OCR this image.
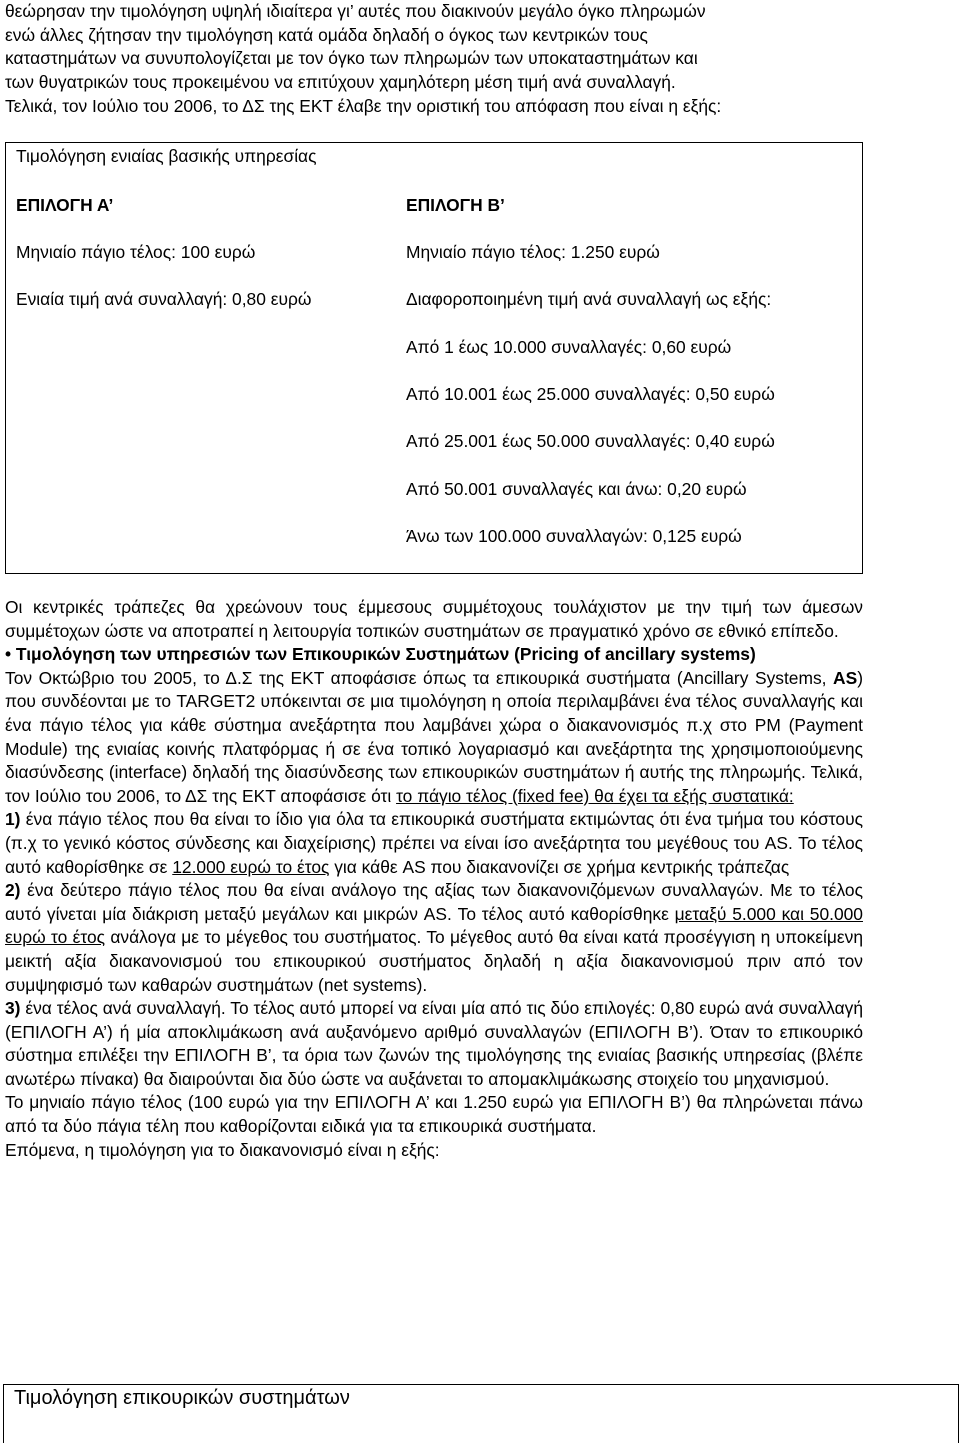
θεώρησαν την τιμολόγηση υψηλή ιδιαίτερα γι’ αυτές που διακινούν μεγάλο όγκο πληρωμών

ενώ άλλες ζήτησαν την τιμολόγηση κατά ομάδα δηλαδή ο όγκος των κεντρικών τους

καταστημάτων να συνυπολογίζεται με τον όγκο των πληρωμών των υποκαταστημάτων και

των θυγατρικών τους προκειμένου να επιτύχουν χαμηλότερη μέση τιμή ανά συναλλαγή.

Τελικά, τον Ιούλιο του 2006, το ΔΣ της ΕΚΤ έλαβε την οριστική του απόφαση που είναι η εξής:
Τιμολόγηση ενιαίας βασικής υπηρεσίας
ΕΠΙΛΟΓΗ Α’
Μηνιαίο πάγιο τέλος: 100 ευρώ
Ενιαία τιμή ανά συναλλαγή: 0,80 ευρώ
ΕΠΙΛΟΓΗ Β’
Μηνιαίο πάγιο τέλος: 1.250 ευρώ
Διαφοροποιημένη τιμή ανά συναλλαγή ως εξής:
Από 1 έως 10.000 συναλλαγές: 0,60 ευρώ
Από 10.001 έως 25.000 συναλλαγές: 0,50 ευρώ
Από 25.001 έως 50.000 συναλλαγές: 0,40 ευρώ
Από 50.001 συναλλαγές και άνω: 0,20 ευρώ
Άνω των 100.000 συναλλαγών: 0,125 ευρώ

Οι κεντρικές τράπεζες θα χρεώνουν τους έμμεσους συμμέτοχους τουλάχιστον με την τιμή των άμεσων συμμέτοχων ώστε να αποτραπεί η λειτουργία τοπικών συστημάτων σε πραγματικό χρόνο σε εθνικό επίπεδο.

• Τιμολόγηση των υπηρεσιών των Επικουρικών Συστημάτων (Pricing of ancillary systems)

Τον Οκτώβριο του 2005, το Δ.Σ της ΕΚΤ αποφάσισε όπως τα επικουρικά συστήματα (Ancillary Systems, AS) που συνδέονται με το TARGET2 υπόκεινται σε μια τιμολόγηση η οποία περιλαμβάνει ένα τέλος συναλλαγής και ένα πάγιο τέλος για κάθε σύστημα ανεξάρτητα που λαμβάνει χώρα ο διακανονισμός π.χ στο PM (Payment Module) της ενιαίας κοινής πλατφόρμας ή σε ένα τοπικό λογαριασμό και ανεξάρτητα της χρησιμοποιούμενης διασύνδεσης (interface) δηλαδή της διασύνδεσης των επικουρικών συστημάτων ή αυτής της πληρωμής. Τελικά, τον Ιούλιο του 2006, το ΔΣ της ΕΚΤ αποφάσισε ότι το πάγιο τέλος (fixed fee) θα έχει τα εξής συστατικά:

1) ένα πάγιο τέλος που θα είναι το ίδιο για όλα τα επικουρικά συστήματα εκτιμώντας ότι ένα τμήμα του κόστους (π.χ το γενικό κόστος σύνδεσης και διαχείρισης) πρέπει να είναι ίσο ανεξάρτητα του μεγέθους του AS. Το τέλος αυτό καθορίσθηκε σε 12.000 ευρώ το έτος για κάθε AS που διακανονίζει σε χρήμα κεντρικής τράπεζας

2) ένα δεύτερο πάγιο τέλος που θα είναι ανάλογο της αξίας των διακανονιζόμενων συναλλαγών. Με το τέλος αυτό γίνεται μία διάκριση μεταξύ μεγάλων και μικρών AS. Το τέλος αυτό καθορίσθηκε μεταξύ 5.000 και 50.000 ευρώ το έτος ανάλογα με το μέγεθος του συστήματος. Το μέγεθος αυτό θα είναι κατά προσέγγιση η υποκείμενη μεικτή αξία διακανονισμού του επικουρικού συστήματος δηλαδή η αξία διακανονισμού πριν από τον συμψηφισμό των καθαρών συστημάτων (net systems).

3) ένα τέλος ανά συναλλαγή. Το τέλος αυτό μπορεί να είναι μία από τις δύο επιλογές: 0,80 ευρώ ανά συναλλαγή (ΕΠΙΛΟΓΗ Α’) ή μία αποκλιμάκωση ανά αυξανόμενο αριθμό συναλλαγών (ΕΠΙΛΟΓΗ Β’). Όταν το επικουρικό σύστημα επιλέξει την ΕΠΙΛΟΓΗ Β’, τα όρια των ζωνών της τιμολόγησης της ενιαίας βασικής υπηρεσίας (βλέπε ανωτέρω πίνακα) θα διαιρούνται δια δύο ώστε να αυξάνεται το απομακλιμάκωσης στοιχείο του μηχανισμού.

Το μηνιαίο πάγιο τέλος (100 ευρώ για την ΕΠΙΛΟΓΗ Α’ και 1.250 ευρώ για ΕΠΙΛΟΓΗ Β’) θα πληρώνεται πάνω από τα δύο πάγια τέλη που καθορίζονται ειδικά για τα επικουρικά συστήματα.

Επόμενα, η τιμολόγηση για το διακανονισμό είναι η εξής:

Τιμολόγηση επικουρικών συστημάτων
